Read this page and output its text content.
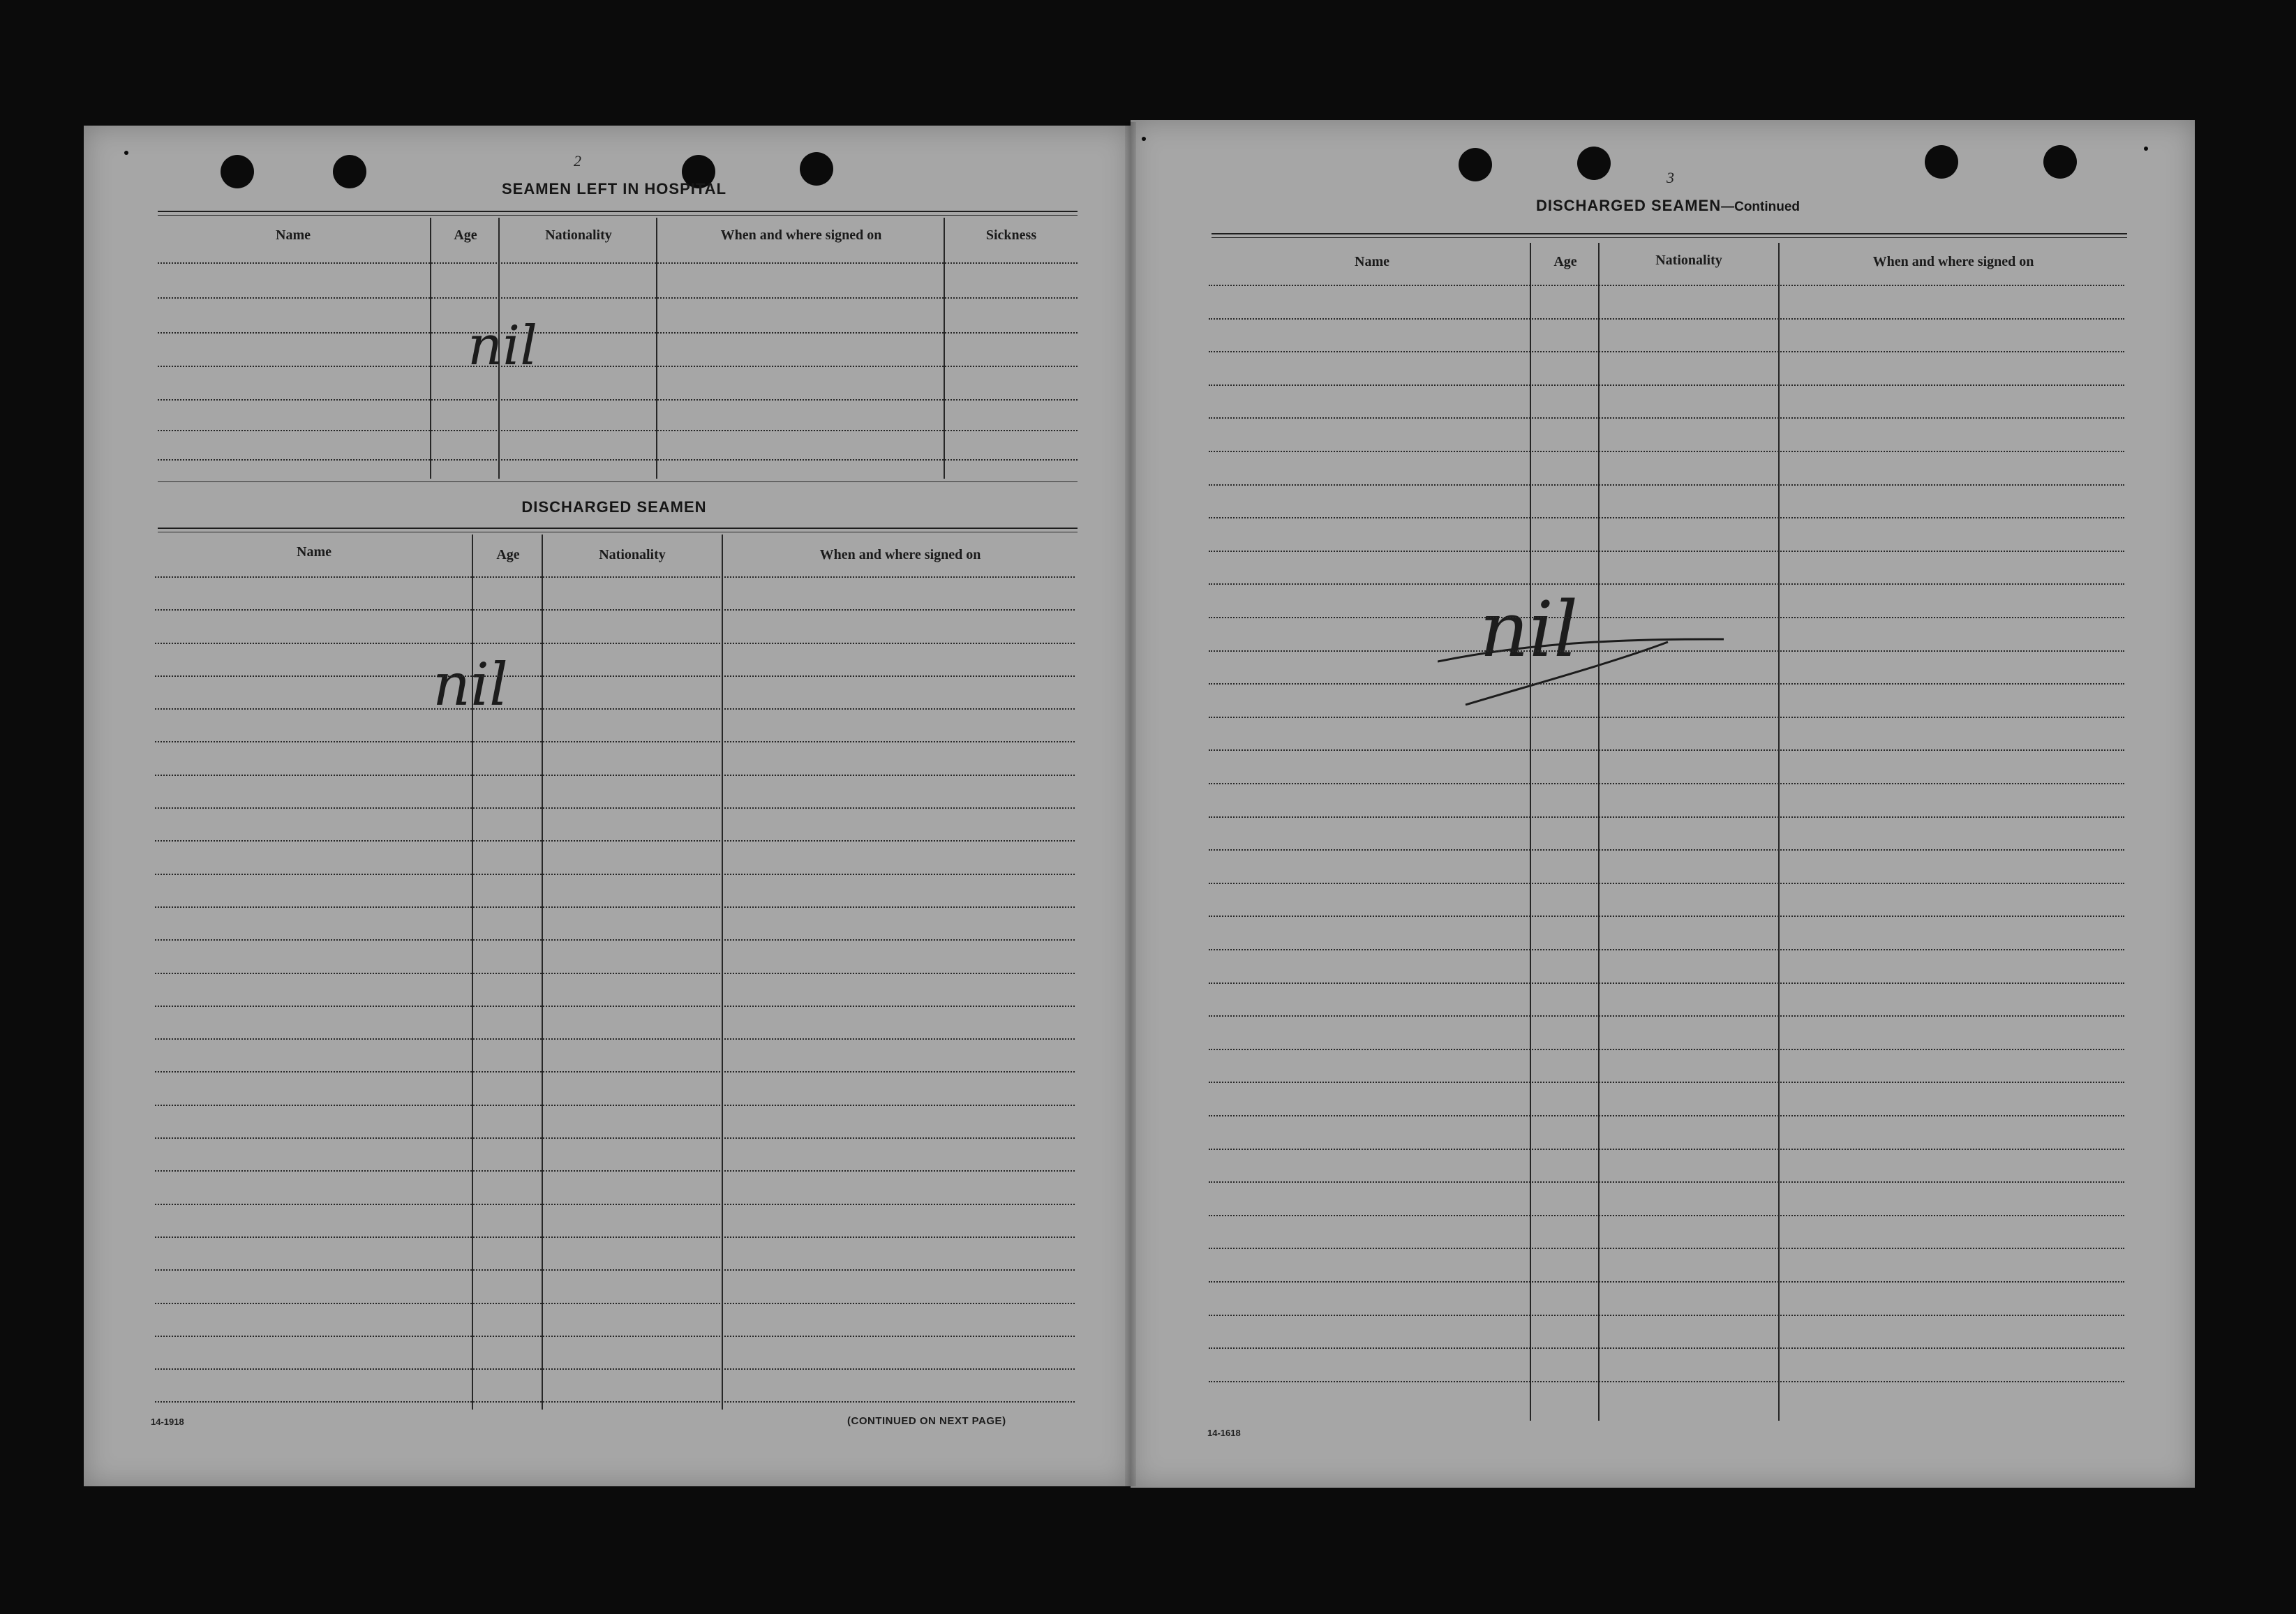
2
SEAMEN LEFT IN HOSPITAL
Name	Age	Nationality	When and where signed on	Sickness
nil
DISCHARGED SEAMEN
Name	Age	Nationality	When and where signed on
nil
14-1918	(CONTINUED ON NEXT PAGE)
3
DISCHARGED SEAMEN—Continued
Name	Age	Nationality	When and where signed on
nil
14-1618
